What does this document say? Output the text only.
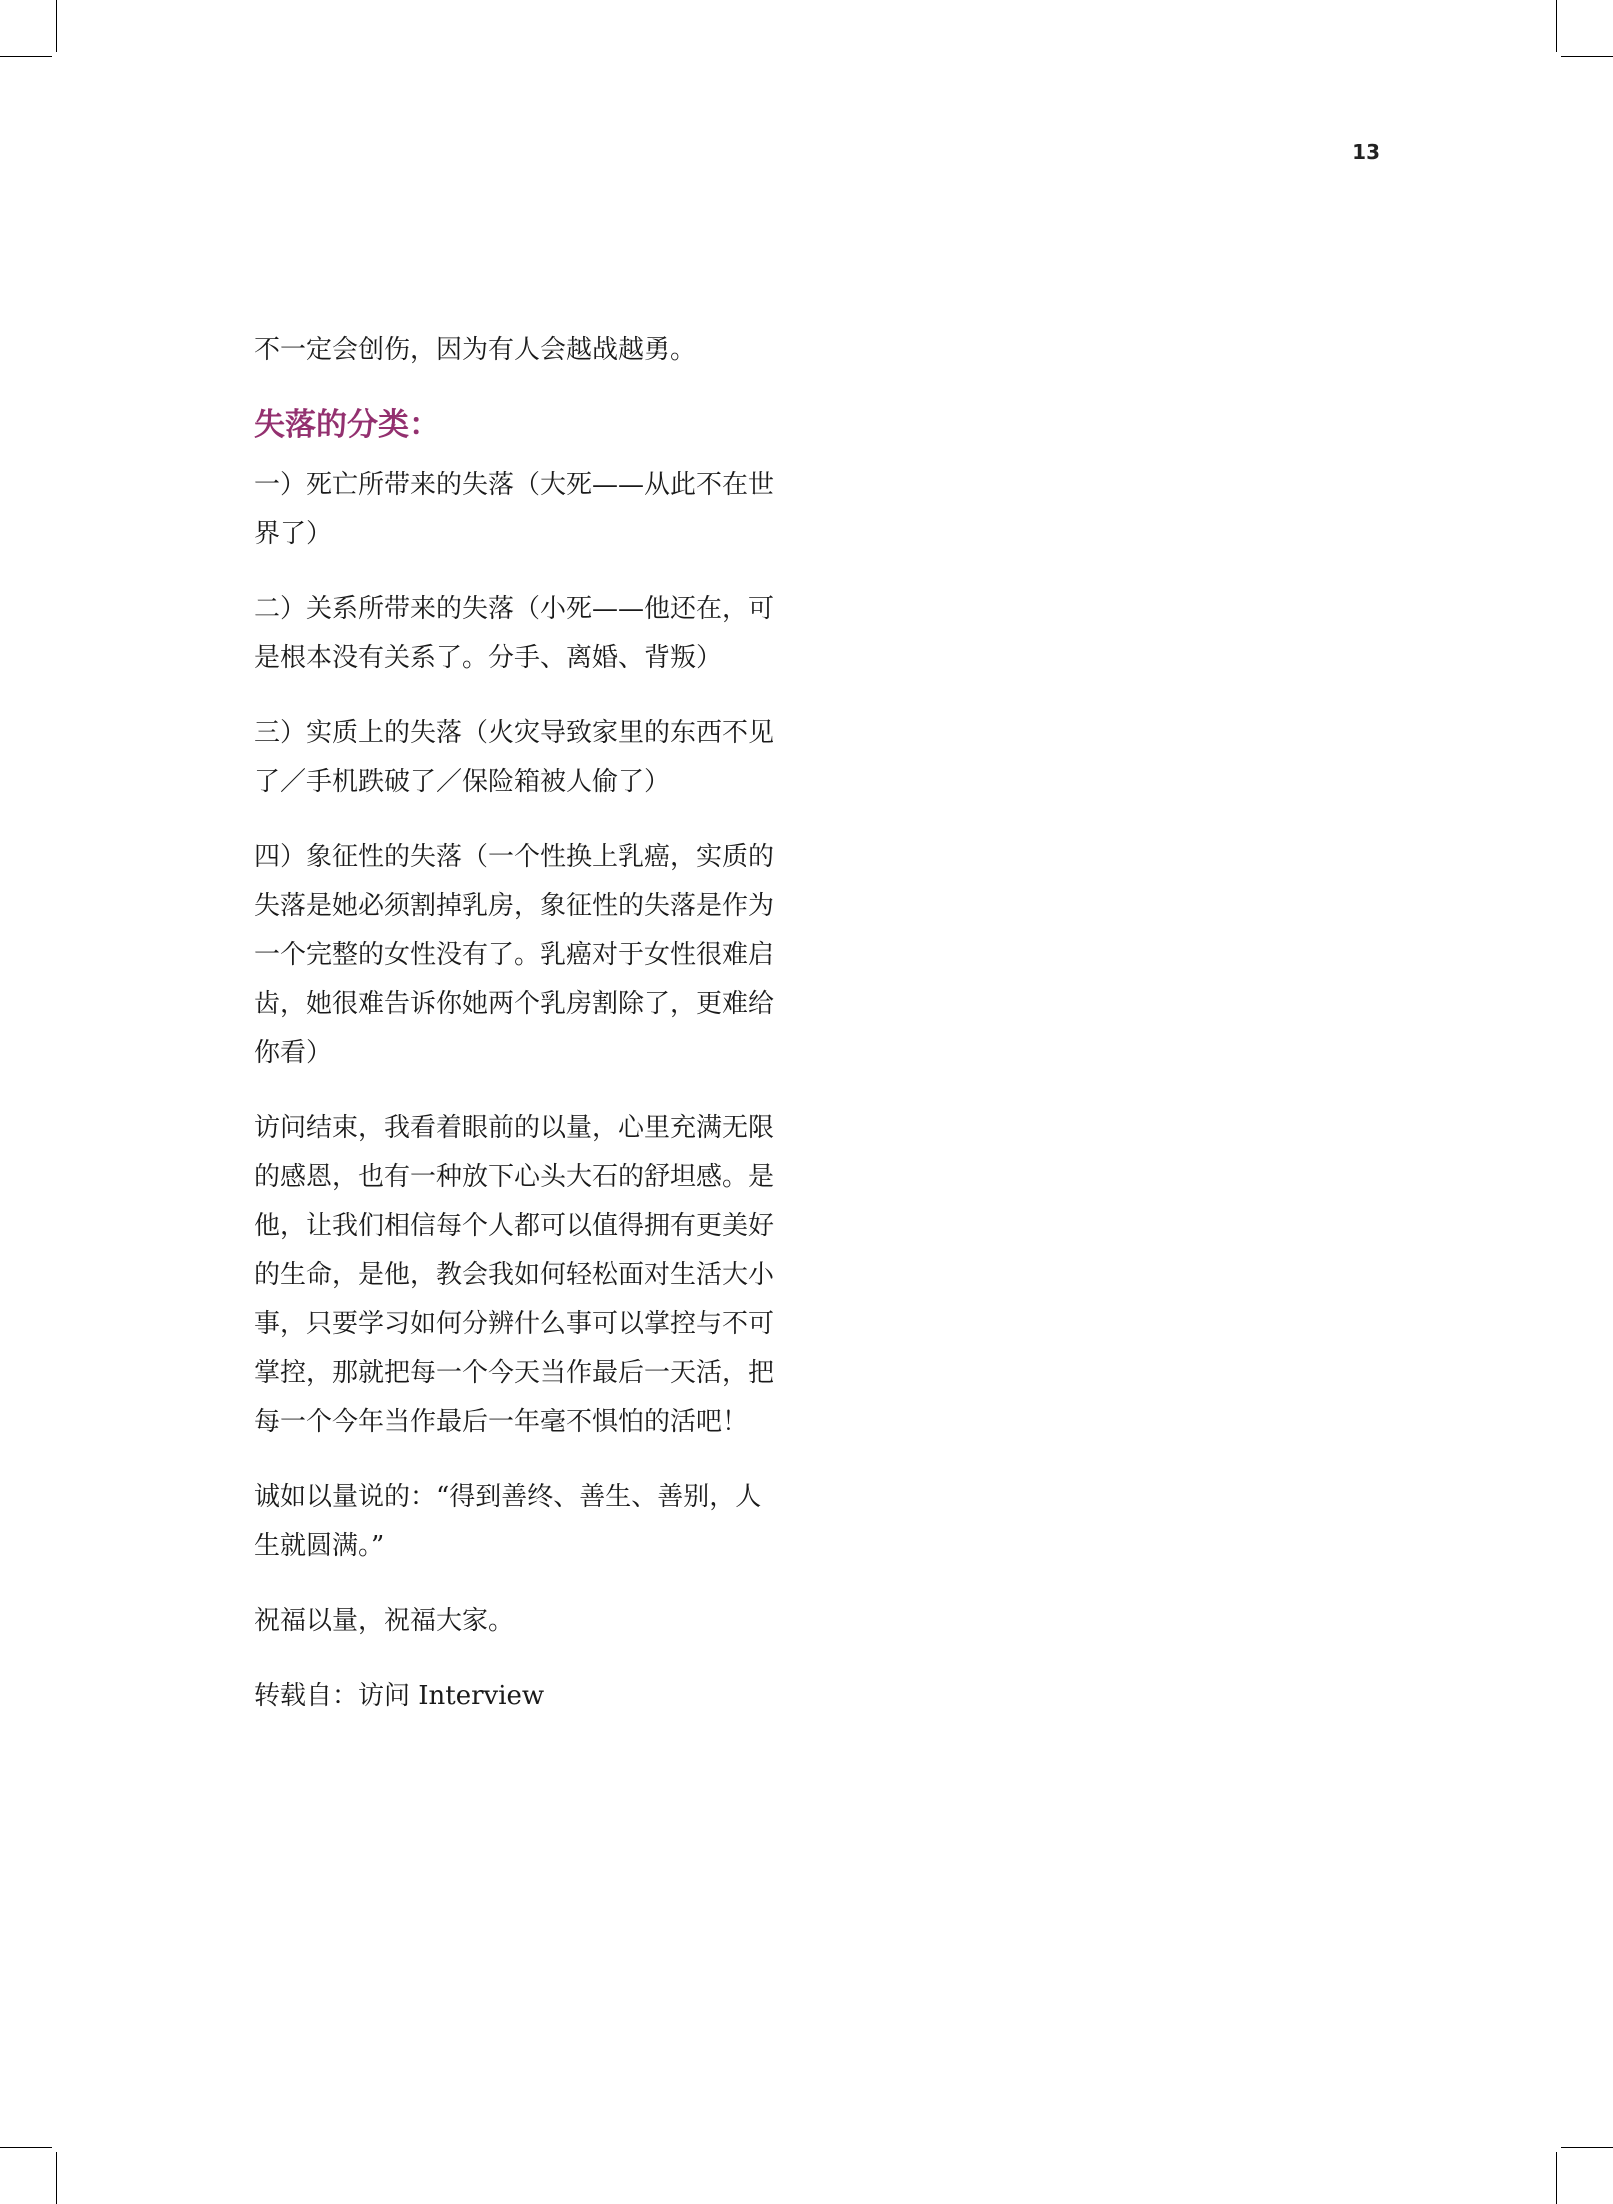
13

不一定会创伤，因为有人会越战越勇。

失落的分类：

一）死亡所带来的失落（大死——从此不在世界了）

二）关系所带来的失落（小死——他还在，可是根本没有关系了。分手、离婚、背叛）

三）实质上的失落（火灾导致家里的东西不见了／手机跌破了／保险箱被人偷了）

四）象征性的失落（一个性换上乳癌，实质的失落是她必须割掉乳房，象征性的失落是作为一个完整的女性没有了。乳癌对于女性很难启齿，她很难告诉你她两个乳房割除了，更难给你看）

访问结束，我看着眼前的以量，心里充满无限的感恩，也有一种放下心头大石的舒坦感。是他，让我们相信每个人都可以值得拥有更美好的生命，是他，教会我如何轻松面对生活大小事，只要学习如何分辨什么事可以掌控与不可掌控，那就把每一个今天当作最后一天活，把每一个今年当作最后一年毫不惧怕的活吧！

诚如以量说的：“得到善终、善生、善别，人生就圆满。”

祝福以量，祝福大家。

转载自：访问 Interview
